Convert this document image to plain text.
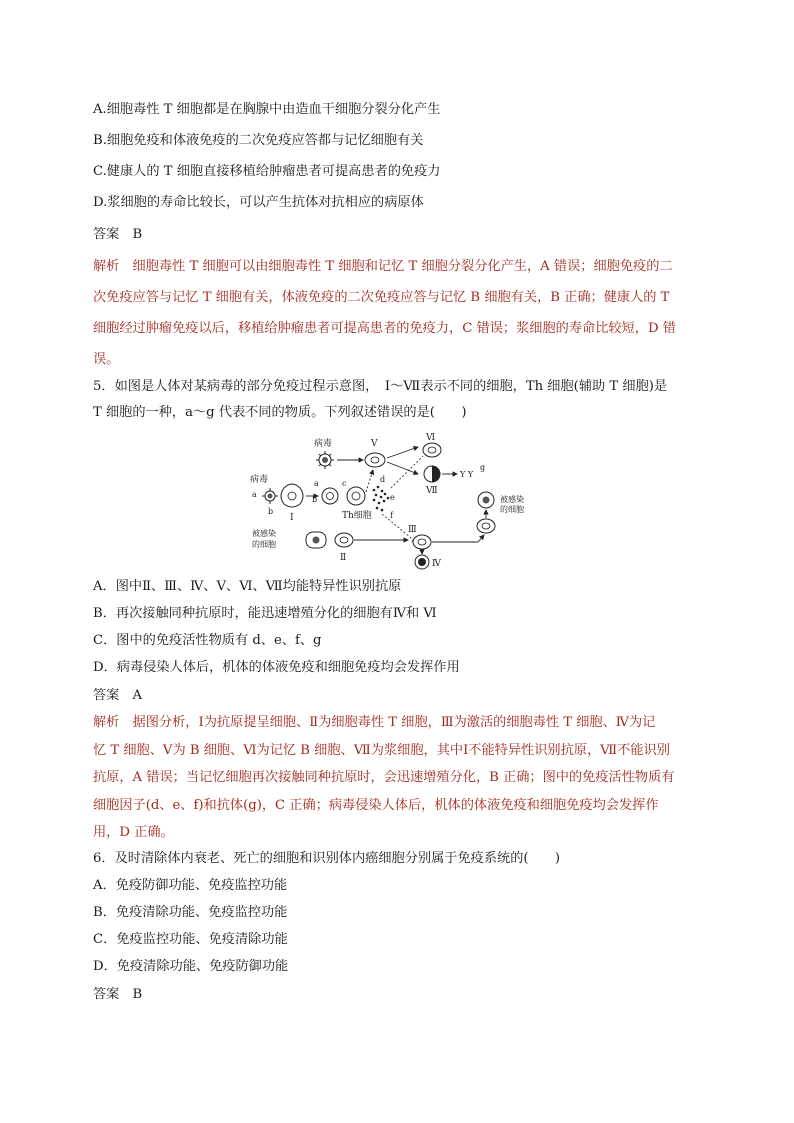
A.细胞毒性 T 细胞都是在胸腺中由造血干细胞分裂分化产生
B.细胞免疫和体液免疫的二次免疫应答都与记忆细胞有关
C.健康人的 T 细胞直接移植给肿瘤患者可提高患者的免疫力
D.浆细胞的寿命比较长，可以产生抗体对抗相应的病原体
答案　B
解析　细胞毒性 T 细胞可以由细胞毒性 T 细胞和记忆 T 细胞分裂分化产生，A 错误；细胞免疫的二
次免疫应答与记忆 T 细胞有关，体液免疫的二次免疫应答与记忆 B 细胞有关，B 正确；健康人的 T
细胞经过肿瘤免疫以后，移植给肿瘤患者可提高患者的免疫力，C 错误；浆细胞的寿命比较短，D 错
误。
5．如图是人体对某病毒的部分免疫过程示意图，　Ⅰ～Ⅶ表示不同的细胞，Th 细胞(辅助 T 细胞)是
T 细胞的一种，a～g 代表不同的物质。下列叙述错误的是(　　)
病毒	Ⅴ
Ⅵ
Ⅶ
Y Y
g
病毒
a
b
Ⅰ
a
b
c
Th细胞
d
e
f
被感染
的细胞
被感染
的细胞
Ⅱ
Ⅲ
Ⅳ
A．图中Ⅱ、Ⅲ、Ⅳ、Ⅴ、Ⅵ、Ⅶ均能特异性识别抗原
B．再次接触同种抗原时，能迅速增殖分化的细胞有Ⅳ和 Ⅵ
C．图中的免疫活性物质有 d、e、f、g
D．病毒侵染人体后，机体的体液免疫和细胞免疫均会发挥作用
答案　A
解析　据图分析，Ⅰ为抗原提呈细胞、Ⅱ为细胞毒性 T 细胞，Ⅲ为激活的细胞毒性 T 细胞、Ⅳ为记
忆 T 细胞、Ⅴ为 B 细胞、Ⅵ为记忆 B 细胞、Ⅶ为浆细胞，其中Ⅰ不能特异性识别抗原，Ⅶ不能识别
抗原，A 错误；当记忆细胞再次接触同种抗原时，会迅速增殖分化，B 正确；图中的免疫活性物质有
细胞因子(d、e、f)和抗体(g)，C 正确；病毒侵染人体后，机体的体液免疫和细胞免疫均会发挥作
用，D 正确。
6．及时清除体内衰老、死亡的细胞和识别体内癌细胞分别属于免疫系统的(　　)
A．免疫防御功能、免疫监控功能
B．免疫清除功能、免疫监控功能
C．免疫监控功能、免疫清除功能
D．免疫清除功能、免疫防御功能
答案　B
